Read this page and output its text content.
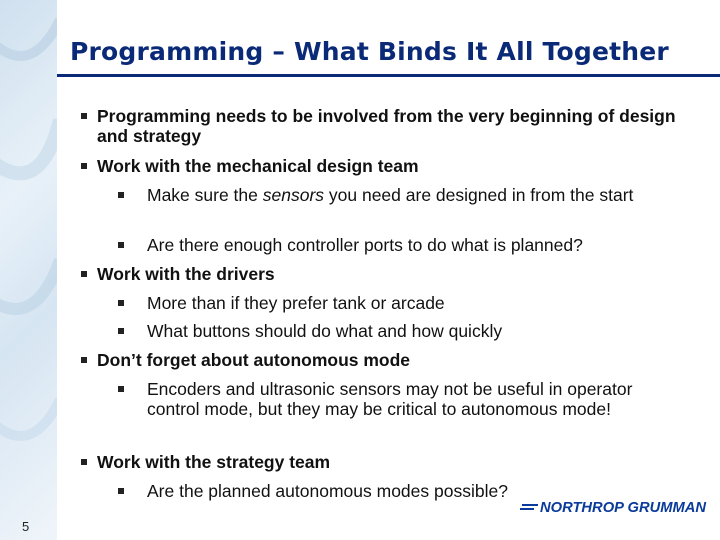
Programming – What Binds It All Together
Programming needs to be involved from the very beginning of design and strategy
Work with the mechanical design team
Make sure the sensors you need are designed in from the start
Are there enough controller ports to do what is planned?
Work with the drivers
More than if they prefer tank or arcade
What buttons should do what and how quickly
Don’t forget about autonomous mode
Encoders and ultrasonic sensors may not be useful in operator control mode, but they may be critical to autonomous mode!
Work with the strategy team
Are the planned autonomous modes possible?
5
NORTHROP GRUMMAN
